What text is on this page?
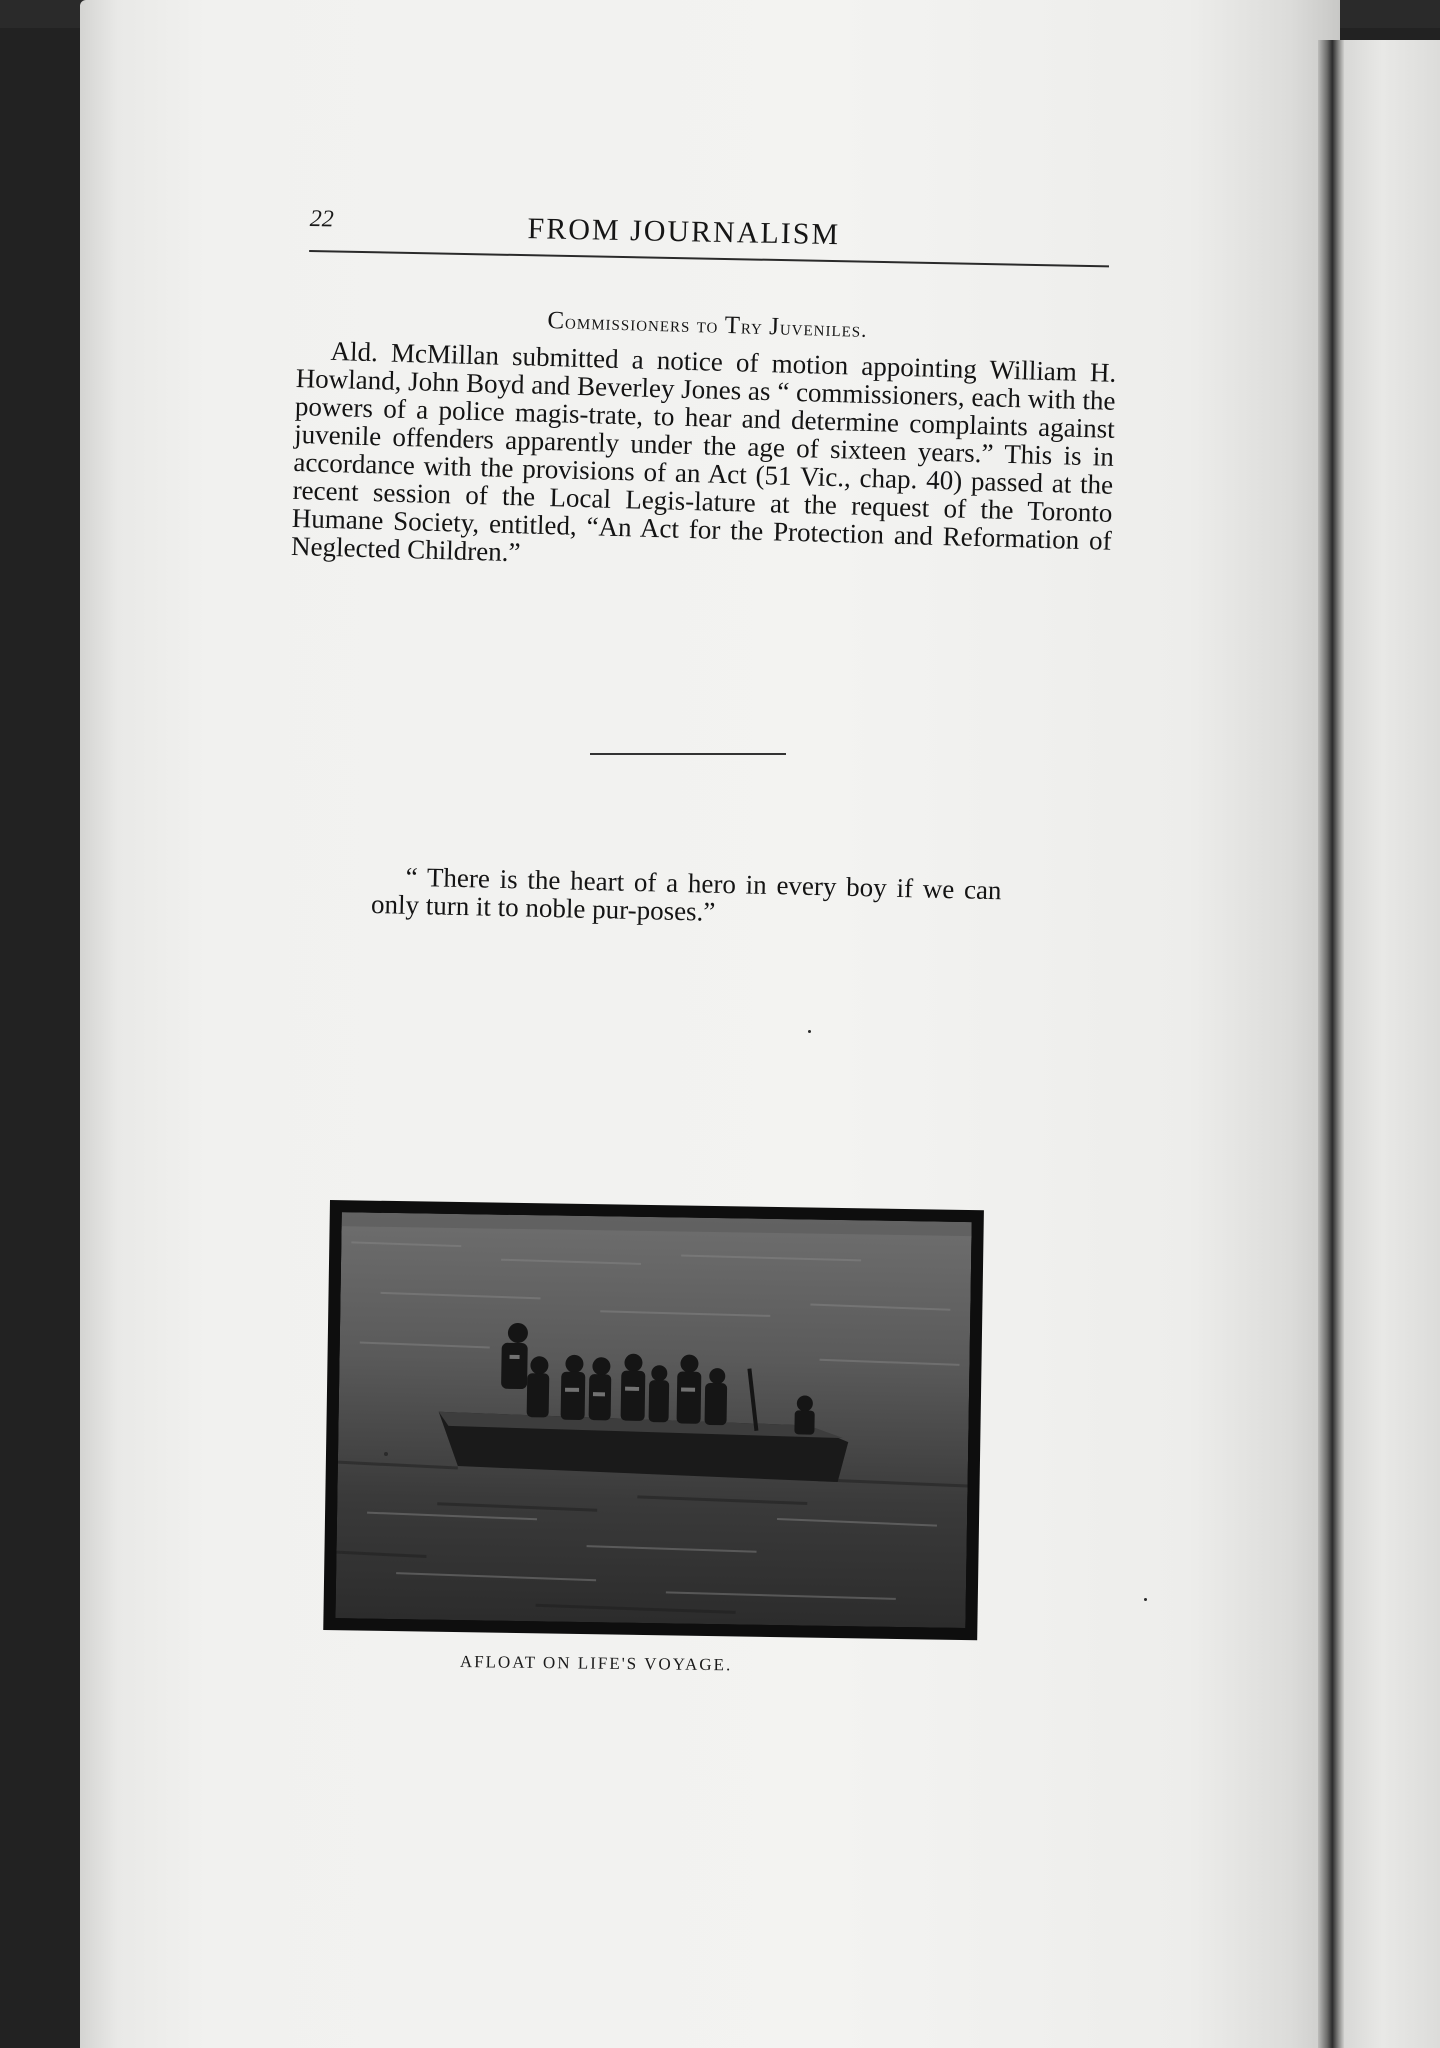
22	FROM JOURNALISM
Commissioners to Try Juveniles.

Ald. McMillan submitted a notice of motion appointing William H. Howland, John Boyd and Beverley Jones as “ commissioners, each with the powers of a police magis-trate, to hear and determine complaints against juvenile offenders apparently under the age of sixteen years.” This is in accordance with the provisions of an Act (51 Vic., chap. 40) passed at the recent session of the Local Legis-lature at the request of the Toronto Humane Society, entitled, “An Act for the Protection and Reformation of Neglected Children.”

“ There is the heart of a hero in every boy if we can only turn it to noble pur-poses.”

AFLOAT ON LIFE'S VOYAGE.
